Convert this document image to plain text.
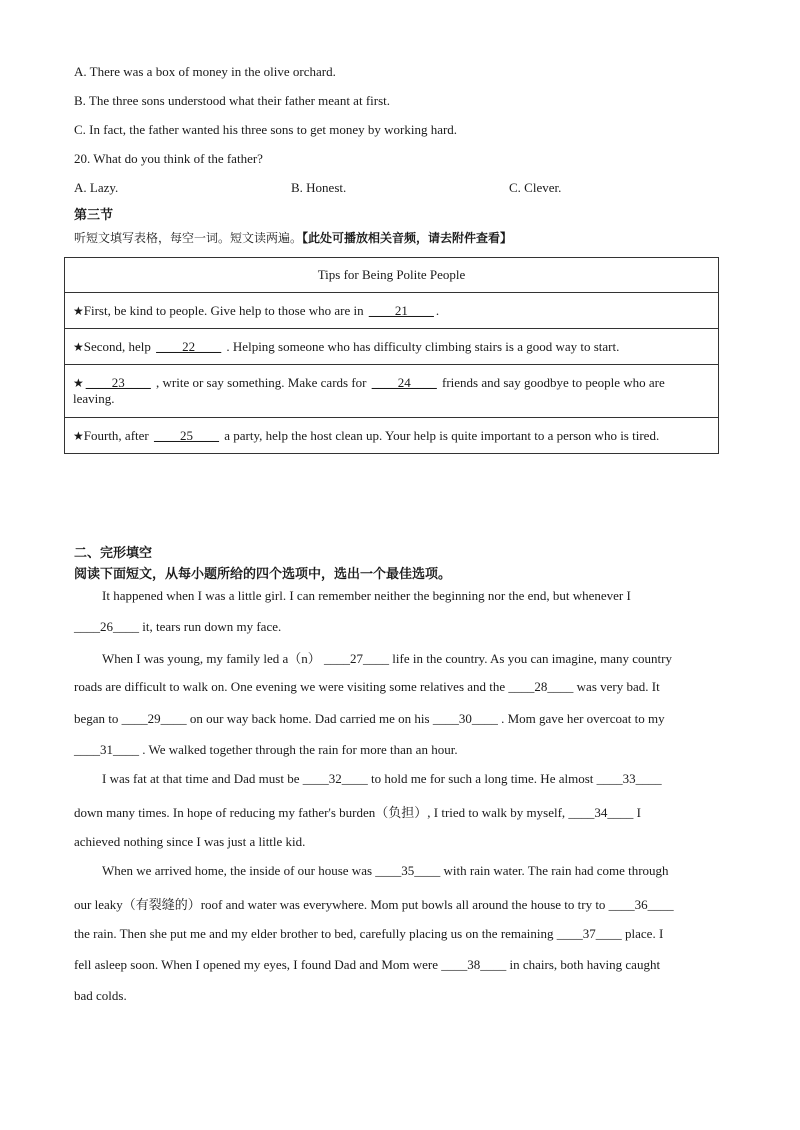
A. There was a box of money in the olive orchard.
B. The three sons understood what their father meant at first.
C. In fact, the father wanted his three sons to get money by working hard.
20. What do you think of the father?
A. Lazy.	B. Honest.	C. Clever.
第三节
听短文填写表格，每空一词。短文读两遍。【此处可播放相关音频，请去附件查看】
Tips for Being Polite People
★First, be kind to people. Give help to those who are in ____21____ .
★Second, help ____22____ . Helping someone who has difficulty climbing stairs is a good way to start.
★ ____23____ , write or say something. Make cards for ____24____ friends and say goodbye to people who are
leaving.
★Fourth, after ____25____ a party, help the host clean up. Your help is quite important to a person who is tired.
二、完形填空
阅读下面短文，从每小题所给的四个选项中，选出一个最佳选项。
It happened when I was a little girl. I can remember neither the beginning nor the end, but whenever I
____26____ it, tears run down my face.
When I was young, my family led a（n） ____27____ life in the country. As you can imagine, many country
roads are difficult to walk on. One evening we were visiting some relatives and the ____28____ was very bad. It
began to ____29____ on our way back home. Dad carried me on his ____30____ . Mom gave her overcoat to my
____31____ . We walked together through the rain for more than an hour.
I was fat at that time and Dad must be ____32____ to hold me for such a long time. He almost ____33____
down many times. In hope of reducing my father's burden（负担）, I tried to walk by myself, ____34____ I
achieved nothing since I was just a little kid.
When we arrived home, the inside of our house was ____35____ with rain water. The rain had come through
our leaky（有裂缝的）roof and water was everywhere. Mom put bowls all around the house to try to ____36____
the rain. Then she put me and my elder brother to bed, carefully placing us on the remaining ____37____ place. I
fell asleep soon. When I opened my eyes, I found Dad and Mom were ____38____ in chairs, both having caught
bad colds.
